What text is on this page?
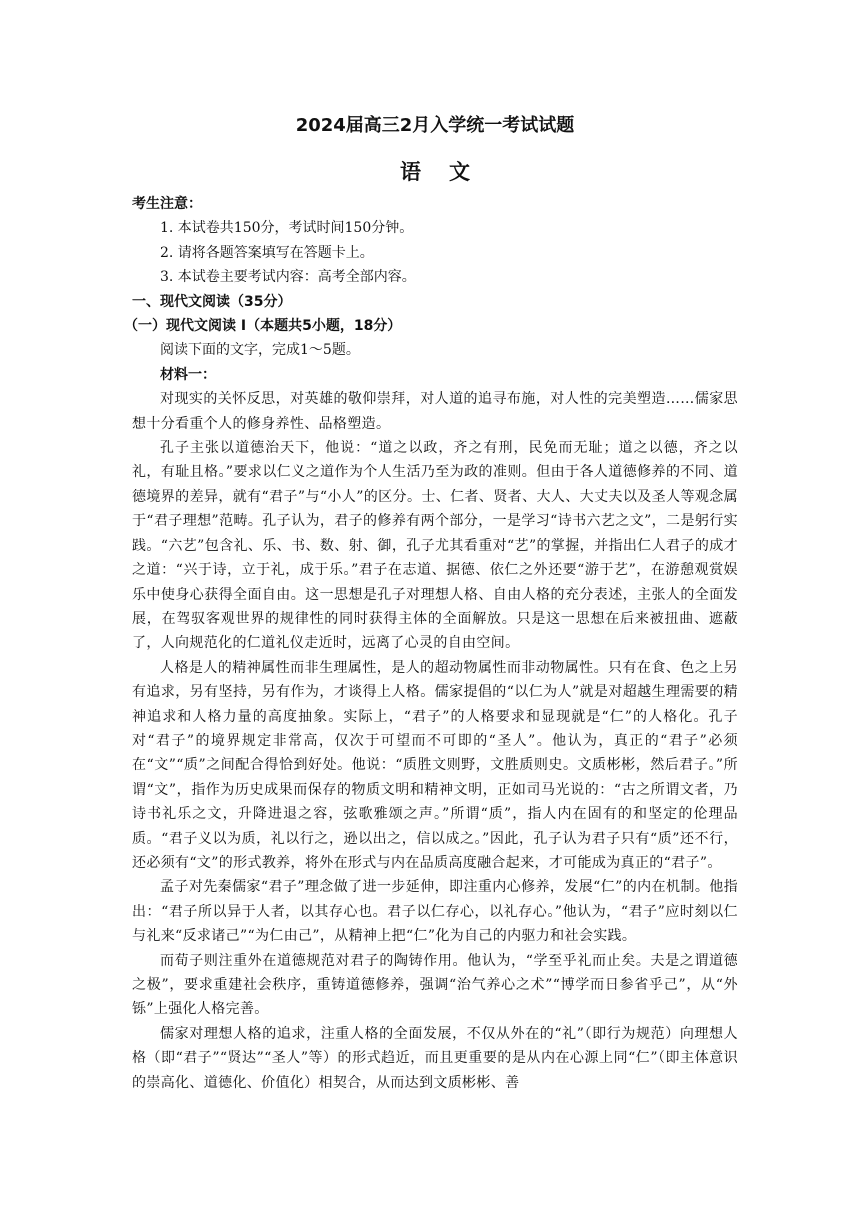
2024届高三2月入学统一考试试题
语文

考生注意：

1. 本试卷共150分，考试时间150分钟。

2. 请将各题答案填写在答题卡上。

3. 本试卷主要考试内容：高考全部内容。

一、现代文阅读（35分）

（一）现代文阅读 I（本题共5小题，18分）

阅读下面的文字，完成1～5题。

材料一：

对现实的关怀反思，对英雄的敬仰崇拜，对人道的追寻布施，对人性的完美塑造……儒家思想十分看重个人的修身养性、品格塑造。

孔子主张以道德治天下，他说：“道之以政，齐之有刑，民免而无耻；道之以德，齐之以礼，有耻且格。”要求以仁义之道作为个人生活乃至为政的准则。但由于各人道德修养的不同、道德境界的差异，就有“君子”与“小人”的区分。士、仁者、贤者、大人、大丈夫以及圣人等观念属于“君子理想”范畴。孔子认为，君子的修养有两个部分，一是学习“诗书六艺之文”，二是躬行实践。“六艺”包含礼、乐、书、数、射、御，孔子尤其看重对“艺”的掌握，并指出仁人君子的成才之道：“兴于诗，立于礼，成于乐。”君子在志道、据德、依仁之外还要“游于艺”，在游憩观赏娱乐中使身心获得全面自由。这一思想是孔子对理想人格、自由人格的充分表述，主张人的全面发展，在驾驭客观世界的规律性的同时获得主体的全面解放。只是这一思想在后来被扭曲、遮蔽了，人向规范化的仁道礼仪走近时，远离了心灵的自由空间。

人格是人的精神属性而非生理属性，是人的超动物属性而非动物属性。只有在食、色之上另有追求，另有坚持，另有作为，才谈得上人格。儒家提倡的“以仁为人”就是对超越生理需要的精神追求和人格力量的高度抽象。实际上，“君子”的人格要求和显现就是“仁”的人格化。孔子对“君子”的境界规定非常高，仅次于可望而不可即的“圣人”。他认为，真正的“君子”必须在“文”“质”之间配合得恰到好处。他说：“质胜文则野，文胜质则史。文质彬彬，然后君子。”所谓“文”，指作为历史成果而保存的物质文明和精神文明，正如司马光说的：“古之所谓文者，乃诗书礼乐之文，升降进退之容，弦歌雅颂之声。”所谓“质”，指人内在固有的和坚定的伦理品质。“君子义以为质，礼以行之，逊以出之，信以成之。”因此，孔子认为君子只有“质”还不行，还必须有“文”的形式教养，将外在形式与内在品质高度融合起来，才可能成为真正的“君子”。

孟子对先秦儒家“君子”理念做了进一步延伸，即注重内心修养，发展“仁”的内在机制。他指出：“君子所以异于人者，以其存心也。君子以仁存心，以礼存心。”他认为，“君子”应时刻以仁与礼来“反求诸己”“为仁由己”，从精神上把“仁”化为自己的内驱力和社会实践。

而荀子则注重外在道德规范对君子的陶铸作用。他认为，“学至乎礼而止矣。夫是之谓道德之极”，要求重建社会秩序，重铸道德修养，强调“治气养心之术”“博学而日参省乎己”，从“外铄”上强化人格完善。

儒家对理想人格的追求，注重人格的全面发展，不仅从外在的“礼”（即行为规范）向理想人格（即“君子”“贤达”“圣人”等）的形式趋近，而且更重要的是从内在心源上同“仁”（即主体意识的崇高化、道德化、价值化）相契合，从而达到文质彬彬、善
